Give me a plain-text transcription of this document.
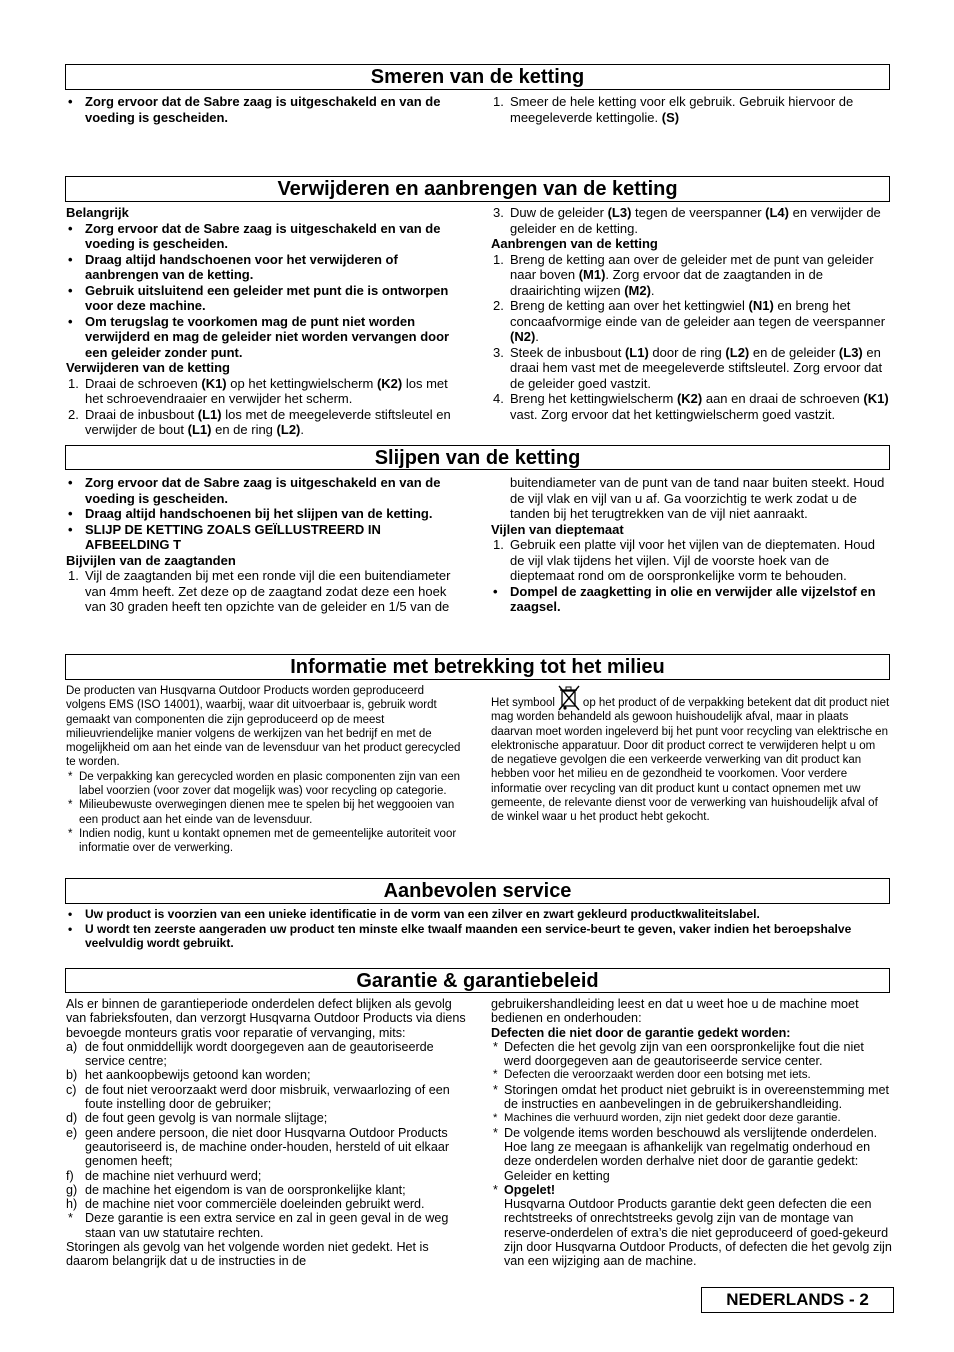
Smeren van de ketting

• Zorg ervoor dat de Sabre zaag is uitgeschakeld en van de voeding is gescheiden.

1. Smeer de hele ketting voor elk gebruik. Gebruik hiervoor de meegeleverde kettingolie. (S)

Verwijderen en aanbrengen van de ketting

Belangrijk

• Zorg ervoor dat de Sabre zaag is uitgeschakeld en van de voeding is gescheiden.

• Draag altijd handschoenen voor het verwijderen of aanbrengen van de ketting.

• Gebruik uitsluitend een geleider met punt die is ontworpen voor deze machine.

• Om terugslag te voorkomen mag de punt niet worden verwijderd en mag de geleider niet worden vervangen door een geleider zonder punt.

Verwijderen van de ketting

1. Draai de schroeven (K1) op het kettingwielscherm (K2) los met het schroevendraaier en verwijder het scherm.

2. Draai de inbusbout (L1) los met de meegeleverde stiftsleutel en verwijder de bout (L1) en de ring (L2).

3. Duw de geleider (L3) tegen de veerspanner (L4) en verwijder de geleider en de ketting.

Aanbrengen van de ketting

1. Breng de ketting aan over de geleider met de punt van geleider naar boven (M1). Zorg ervoor dat de zaagtanden in de draairichting wijzen (M2).

2. Breng de ketting aan over het kettingwiel (N1) en breng het concaafvormige einde van de geleider aan tegen de veerspanner (N2).

3. Steek de inbusbout (L1) door de ring (L2) en de geleider (L3) en draai hem vast met de meegeleverde stiftsleutel. Zorg ervoor dat de geleider goed vastzit.

4. Breng het kettingwielscherm (K2) aan en draai de schroeven (K1) vast. Zorg ervoor dat het kettingwielscherm goed vastzit.

Slijpen van de ketting

• Zorg ervoor dat de Sabre zaag is uitgeschakeld en van de voeding is gescheiden.

• Draag altijd handschoenen bij het slijpen van de ketting.

• SLIJP DE KETTING ZOALS GEÏLLUSTREERD IN AFBEELDING T

Bijvijlen van de zaagtanden

1. Vijl de zaagtanden bij met een ronde vijl die een buitendiameter van 4mm heeft. Zet deze op de zaagtand zodat deze een hoek van 30 graden heeft ten opzichte van de geleider en 1/5 van de

buitendiameter van de punt van de tand naar buiten steekt. Houd de vijl vlak en vijl van u af. Ga voorzichtig te werk zodat u de tanden bij het terugtrekken van de vijl niet aanraakt.

Vijlen van dieptemaat

1. Gebruik een platte vijl voor het vijlen van de dieptematen. Houd de vijl vlak tijdens het vijlen. Vijl de voorste hoek van de dieptemaat rond om de oorspronkelijke vorm te behouden.

• Dompel de zaagketting in olie en verwijder alle vijzelstof en zaagsel.

Informatie met betrekking tot het milieu

De producten van Husqvarna Outdoor Products worden geproduceerd volgens EMS (ISO 14001), waarbij, waar dit uitvoerbaar is, gebruik wordt gemaakt van componenten die zijn geproduceerd op de meest milieuvriendelijke manier volgens de werkijzen van het bedrijf en met de mogelijkheid om aan het einde van de levensduur van het product gerecycled te worden.

* De verpakking kan gerecycled worden en plasic componenten zijn van een label voorzien (voor zover dat mogelijk was) voor recycling op categorie.

* Milieubewuste overwegingen dienen mee te spelen bij het weggooien van een product aan het einde van de levensduur.

* Indien nodig, kunt u kontakt opnemen met de gemeentelijke autoriteit voor informatie over de verwerking.

Het symbool op het product of de verpakking betekent dat dit product niet mag worden behandeld als gewoon huishoudelijk afval, maar in plaats daarvan moet worden ingeleverd bij het punt voor recycling van elektrische en elektronische apparatuur. Door dit product correct te verwijderen helpt u om de negatieve gevolgen die een verkeerde verwerking van dit product kan hebben voor het milieu en de gezondheid te voorkomen. Voor verdere informatie over recycling van dit product kunt u contact opnemen met uw gemeente, de relevante dienst voor de verwerking van huishoudelijk afval of de winkel waar u het product hebt gekocht.

Aanbevolen service

• Uw product is voorzien van een unieke identificatie in de vorm van een zilver en zwart gekleurd productkwaliteitslabel.

• U wordt ten zeerste aangeraden uw product ten minste elke twaalf maanden een service-beurt te geven, vaker indien het beroepshalve veelvuldig wordt gebruikt.

Garantie & garantiebeleid

Als er binnen de garantieperiode onderdelen defect blijken als gevolg van fabrieksfouten, dan verzorgt Husqvarna Outdoor Products via diens bevoegde monteurs gratis voor reparatie of vervanging, mits:

a) de fout onmiddellijk wordt doorgegeven aan de geautoriseerde service centre;

b) het aankoopbewijs getoond kan worden;

c) de fout niet veroorzaakt werd door misbruik, verwaarlozing of een foute instelling door de gebruiker;

d) de fout geen gevolg is van normale slijtage;

e) geen andere persoon, die niet door Husqvarna Outdoor Products geautoriseerd is, de machine onder-houden, hersteld of uit elkaar genomen heeft;

f) de machine niet verhuurd werd;

g) de machine het eigendom is van de oorspronkelijke klant;

h) de machine niet voor commerciële doeleinden gebruikt werd.

* Deze garantie is een extra service en zal in geen geval in de weg staan van uw statutaire rechten.

Storingen als gevolg van het volgende worden niet gedekt. Het is daarom belangrijk dat u de instructies in de

gebruikershandleiding leest en dat u weet hoe u de machine moet bedienen en onderhouden:

Defecten die niet door de garantie gedekt worden:

* Defecten die het gevolg zijn van een oorspronkelijke fout die niet werd doorgegeven aan de geautoriseerde service center.

* Defecten die veroorzaakt werden door een botsing met iets.

* Storingen omdat het product niet gebruikt is in overeenstemming met de instructies en aanbevelingen in de gebruikershandleiding.

* Machines die verhuurd worden, zijn niet gedekt door deze garantie.

* De volgende items worden beschouwd als verslijtende onderdelen. Hoe lang ze meegaan is afhankelijk van regelmatig onderhoud en deze onderdelen worden derhalve niet door de garantie gedekt: Geleider en ketting

* Opgelet!

Husqvarna Outdoor Products garantie dekt geen defecten die een rechtstreeks of onrechtstreeks gevolg zijn van de montage van reserve-onderdelen of extra’s die niet geproduceerd of goed-gekeurd zijn door Husqvarna Outdoor Products, of defecten die het gevolg zijn van een wijziging aan de machine.

NEDERLANDS - 2
